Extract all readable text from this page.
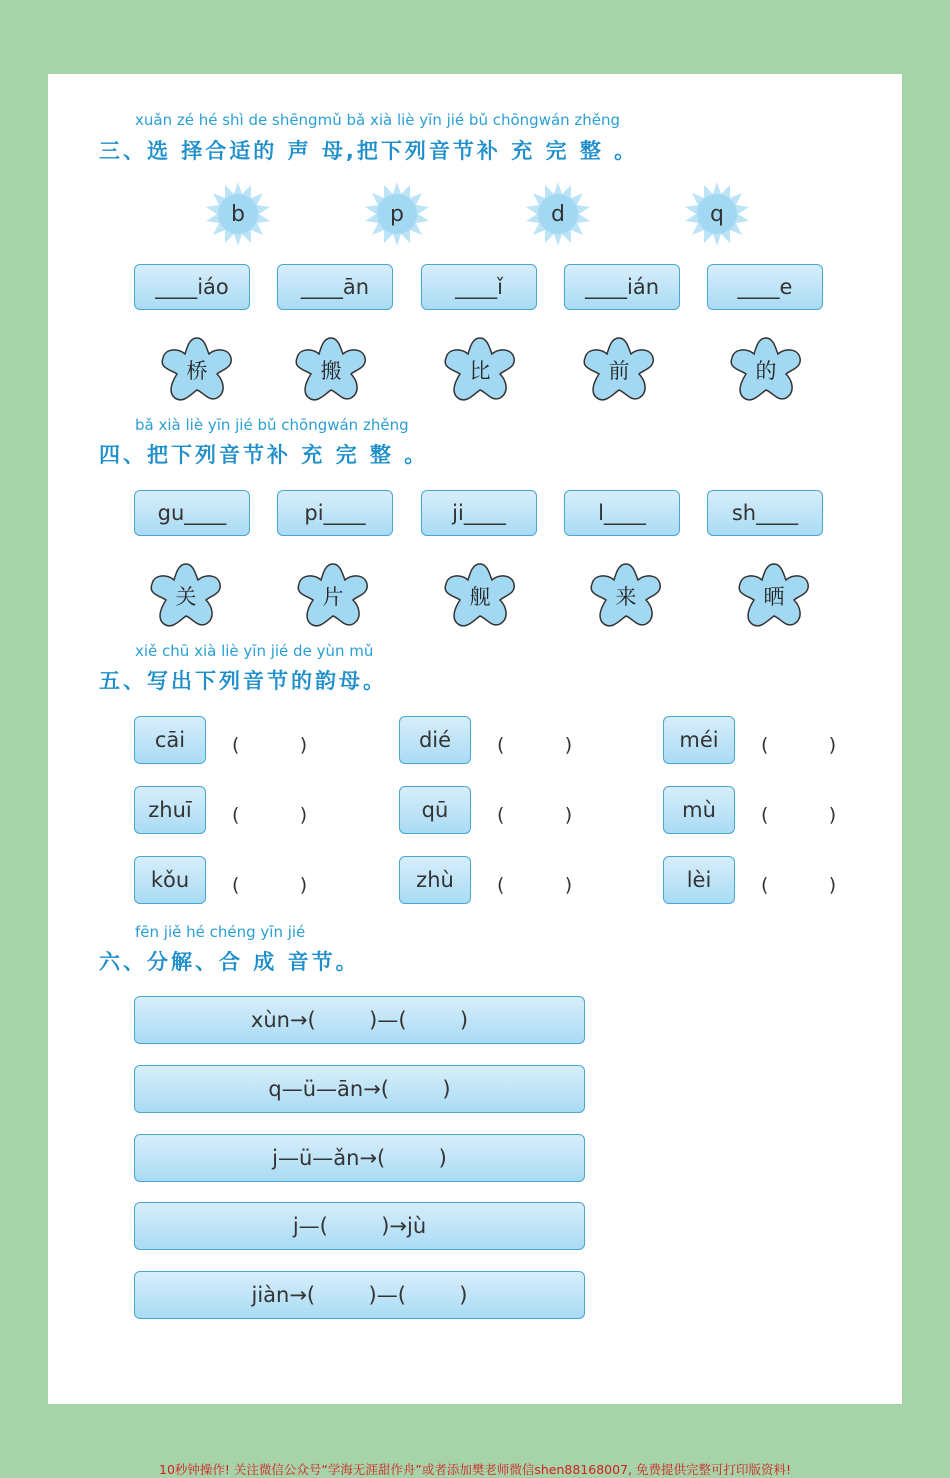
xuǎn zé hé shì de shēngmǔ bǎ xià liè yīn jié bǔ chōngwán zhěng
三、选 择合适的 声 母,把下列音节补 充 完 整 。
b	p	d	q
____iáo	____ān	____ǐ	____ián	____e
桥	搬	比	前	的
bǎ xià liè yīn jié bǔ chōngwán zhěng
四、把下列音节补 充 完 整 。
gu____	pi____	ji____	l____	sh____
关	片	舰	来	晒
xiě chū xià liè yīn jié de yùn mǔ
五、写出下列音节的韵母。
cāi	(          )	dié	(          )	méi	(          )
zhuī	(          )	qū	(          )	mù	(          )
kǒu	(          )	zhù	(          )	lèi	(          )
fēn jiě hé chéng yīn jié
六、分解、合 成 音节。
xùn→(        )—(        )
q—ü—ān→(        )
j—ü—ǎn→(        )
j—(        )→jù
jiàn→(        )—(        )
10秒钟操作! 关注微信公众号“学海无涯甜作舟”或者添加樊老师微信shen88168007, 免费提供完整可打印版资料!
